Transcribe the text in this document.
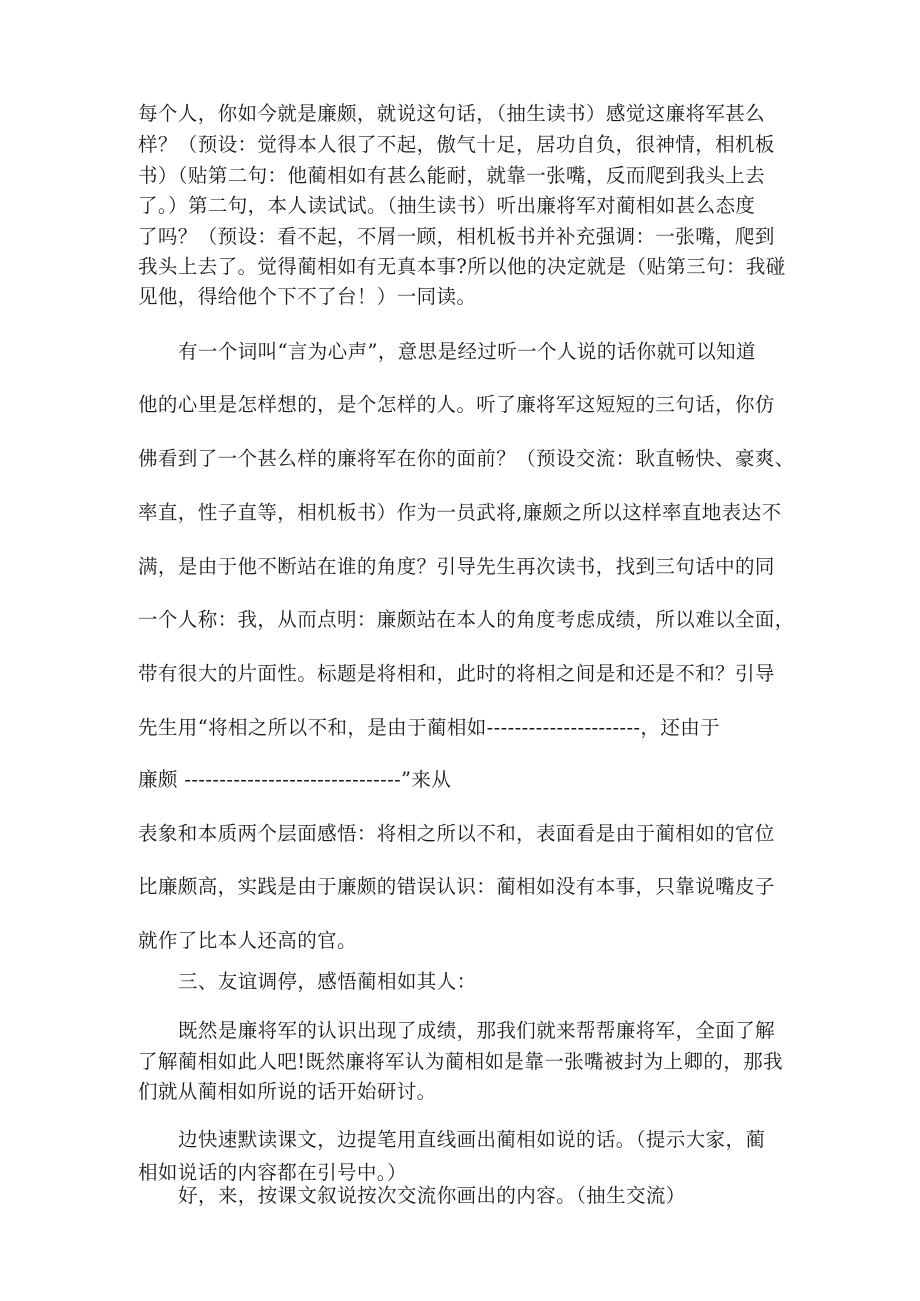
每个人，你如今就是廉颇，就说这句话，（抽生读书）感觉这廉将军甚么
样？（预设：觉得本人很了不起，傲气十足，居功自负，很神情，相机板
书）（贴第二句：他蔺相如有甚么能耐，就靠一张嘴，反而爬到我头上去
了。）第二句，本人读试试。（抽生读书）听出廉将军对蔺相如甚么态度
了吗？（预设：看不起，不屑一顾，相机板书并补充强调：一张嘴，爬到
我头上去了。觉得蔺相如有无真本事?所以他的决定就是（贴第三句：我碰
见他，得给他个下不了台！）一同读。
有一个词叫“言为心声”，意思是经过听一个人说的话你就可以知道
他的心里是怎样想的，是个怎样的人。听了廉将军这短短的三句话，你仿
佛看到了一个甚么样的廉将军在你的面前？（预设交流：耿直畅快、豪爽、
率直，性子直等，相机板书）作为一员武将,廉颇之所以这样率直地表达不
满，是由于他不断站在谁的角度？引导先生再次读书，找到三句话中的同
一个人称：我，从而点明：廉颇站在本人的角度考虑成绩，所以难以全面，
带有很大的片面性。标题是将相和，此时的将相之间是和还是不和？引导
先生用“将相之所以不和，是由于蔺相如----------------------，还由于
廉颇 -------------------------------”来从
表象和本质两个层面感悟：将相之所以不和，表面看是由于蔺相如的官位
比廉颇高，实践是由于廉颇的错误认识：蔺相如没有本事，只靠说嘴皮子
就作了比本人还高的官。
三、友谊调停，感悟蔺相如其人：
既然是廉将军的认识出现了成绩，那我们就来帮帮廉将军，全面了解
了解蔺相如此人吧!既然廉将军认为蔺相如是靠一张嘴被封为上卿的，那我
们就从蔺相如所说的话开始研讨。
边快速默读课文，边提笔用直线画出蔺相如说的话。（提示大家，蔺
相如说话的内容都在引号中。）
好，来，按课文叙说按次交流你画出的内容。（抽生交流）
